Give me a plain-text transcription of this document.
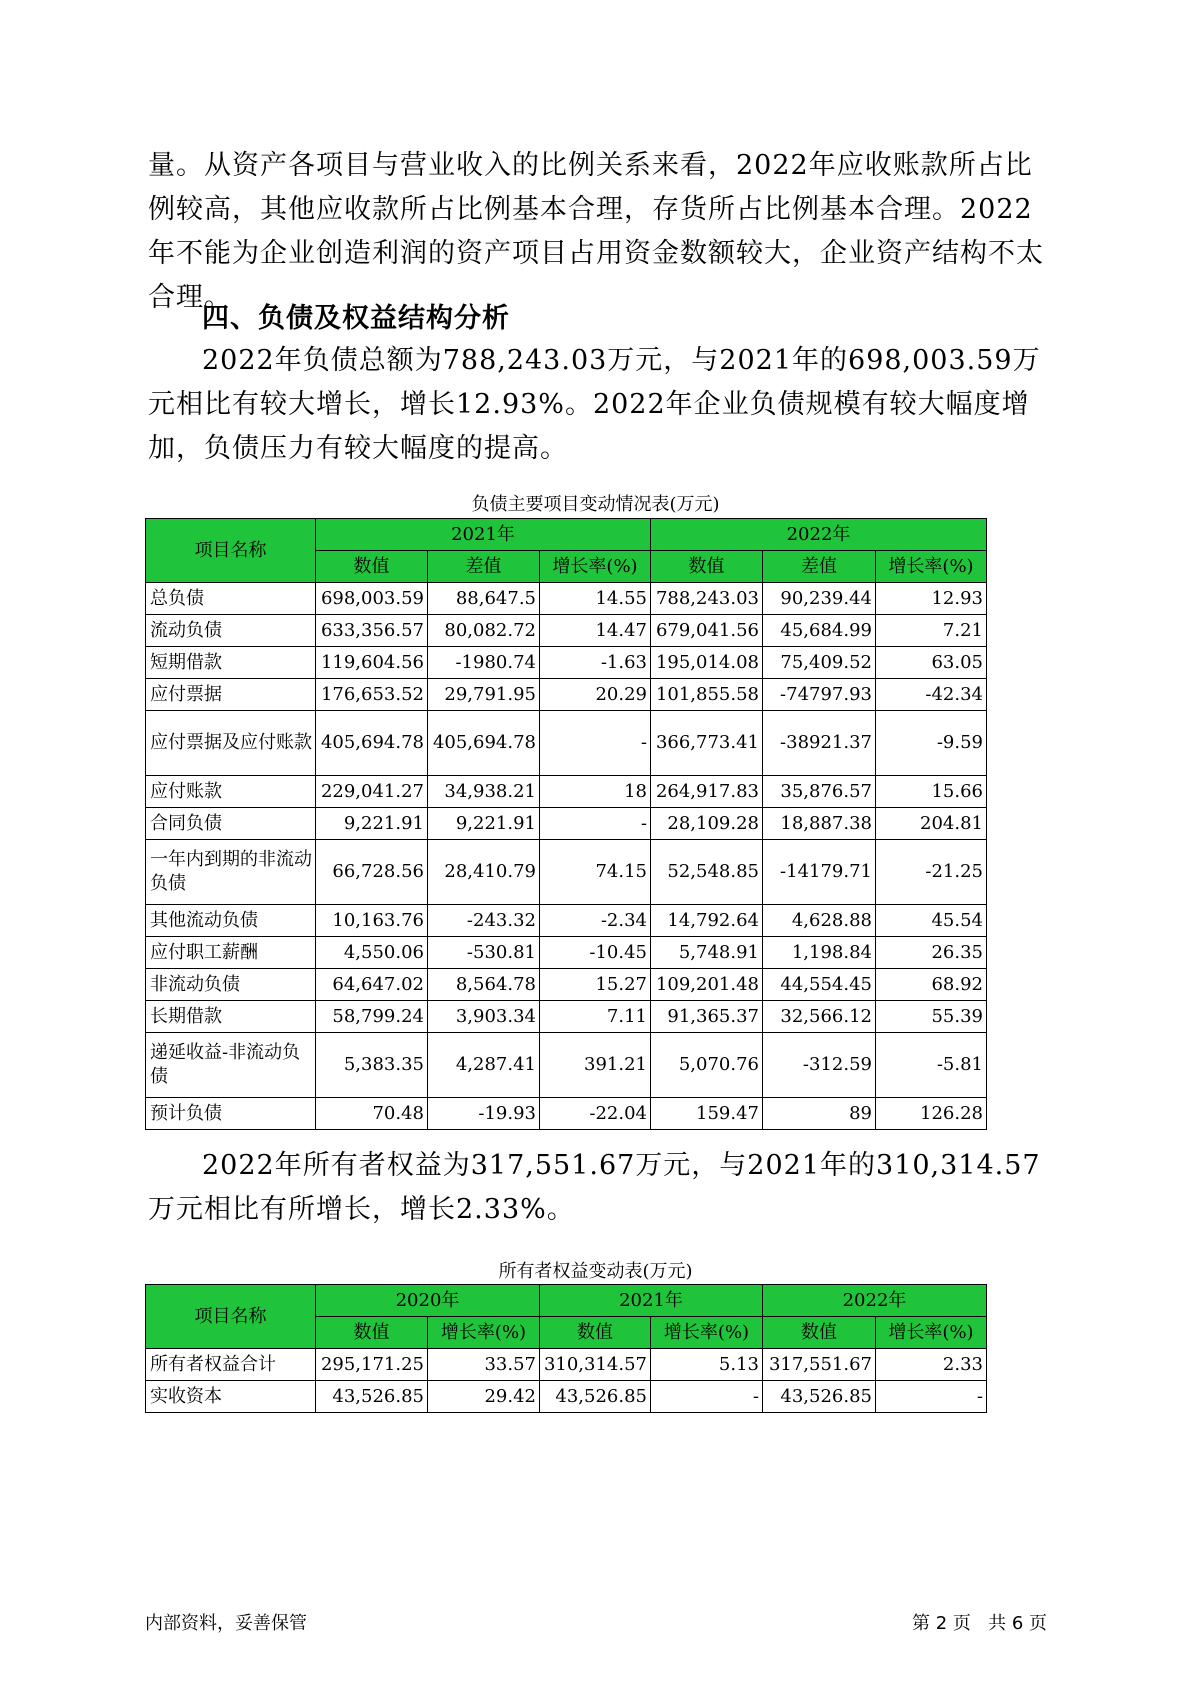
量。从资产各项目与营业收入的比例关系来看，2022年应收账款所占比例较高，其他应收款所占比例基本合理，存货所占比例基本合理。2022年不能为企业创造利润的资产项目占用资金数额较大，企业资产结构不太合理。

四、负债及权益结构分析

2022年负债总额为788,243.03万元，与2021年的698,003.59万元相比有较大增长，增长12.93%。2022年企业负债规模有较大幅度增加，负债压力有较大幅度的提高。

负债主要项目变动情况表(万元)

项目名称	2021年			2022年		
	数值	差值	增长率(%)	数值	差值	增长率(%)
总负债	698,003.59	88,647.5	14.55	788,243.03	90,239.44	12.93
流动负债	633,356.57	80,082.72	14.47	679,041.56	45,684.99	7.21
短期借款	119,604.56	-1980.74	-1.63	195,014.08	75,409.52	63.05
应付票据	176,653.52	29,791.95	20.29	101,855.58	-74797.93	-42.34
应付票据及应付账款	405,694.78	405,694.78	-	366,773.41	-38921.37	-9.59
应付账款	229,041.27	34,938.21	18	264,917.83	35,876.57	15.66
合同负债	9,221.91	9,221.91	-	28,109.28	18,887.38	204.81
一年内到期的非流动负债	66,728.56	28,410.79	74.15	52,548.85	-14179.71	-21.25
其他流动负债	10,163.76	-243.32	-2.34	14,792.64	4,628.88	45.54
应付职工薪酬	4,550.06	-530.81	-10.45	5,748.91	1,198.84	26.35
非流动负债	64,647.02	8,564.78	15.27	109,201.48	44,554.45	68.92
长期借款	58,799.24	3,903.34	7.11	91,365.37	32,566.12	55.39
递延收益-非流动负债	5,383.35	4,287.41	391.21	5,070.76	-312.59	-5.81
预计负债	70.48	-19.93	-22.04	159.47	89	126.28

2022年所有者权益为317,551.67万元，与2021年的310,314.57万元相比有所增长，增长2.33%。

所有者权益变动表(万元)

项目名称	2020年		2021年		2022年	
	数值	增长率(%)	数值	增长率(%)	数值	增长率(%)
所有者权益合计	295,171.25	33.57	310,314.57	5.13	317,551.67	2.33
实收资本	43,526.85	29.42	43,526.85	-	43,526.85	-
内部资料，妥善保管	第 2 页   共 6 页
